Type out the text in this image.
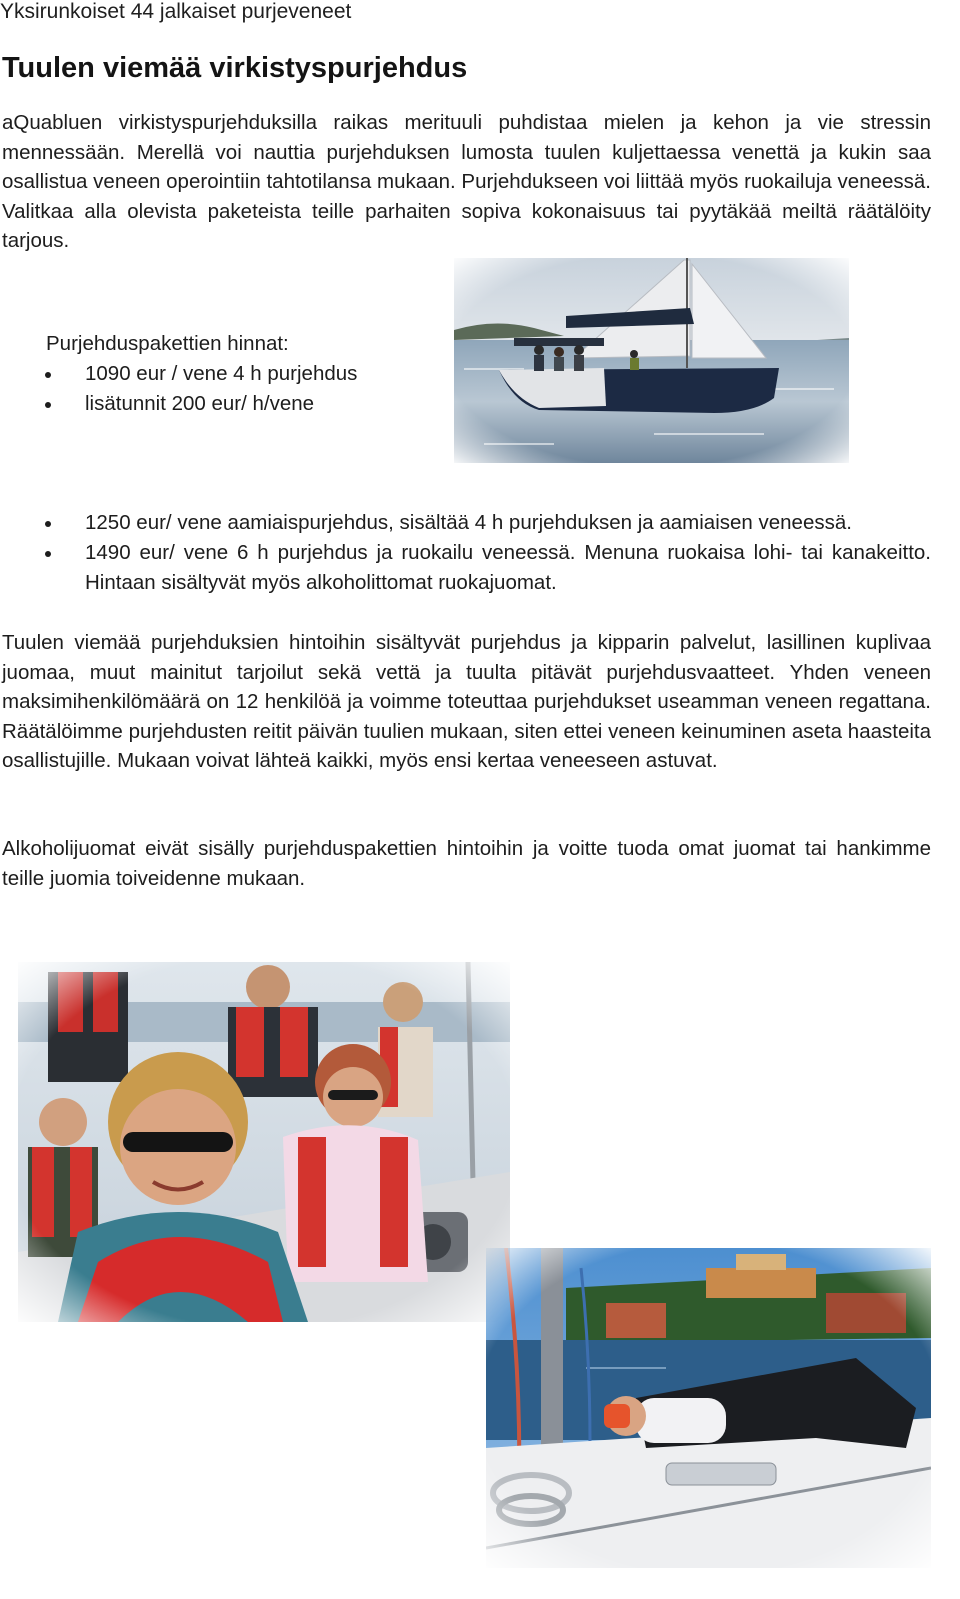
Yksirunkoiset 44 jalkaiset purjeveneet
Tuulen viemää virkistyspurjehdus

aQuabluen virkistyspurjehduksilla raikas merituuli puhdistaa mielen ja kehon ja vie stressin mennessään. Merellä voi nauttia purjehduksen lumosta tuulen kuljettaessa venettä ja kukin saa osallistua veneen operointiin tahtotilansa mukaan. Purjehdukseen voi liittää myös ruokailuja veneessä. Valitkaa alla olevista paketeista teille parhaiten sopiva kokonaisuus tai pyytäkää meiltä räätälöity tarjous.

Purjehduspakettien hinnat:
1090 eur / vene 4 h purjehdus
lisätunnit 200 eur/ h/vene
1250 eur/ vene aamiaispurjehdus, sisältää 4 h purjehduksen ja aamiaisen veneessä.
1490 eur/ vene 6 h purjehdus ja ruokailu veneessä. Menuna ruokaisa lohi- tai kanakeitto. Hintaan sisältyvät myös alkoholittomat ruokajuomat.

Tuulen viemää purjehduksien hintoihin sisältyvät purjehdus ja kipparin palvelut, lasillinen kuplivaa juomaa, muut mainitut tarjoilut sekä vettä ja tuulta pitävät purjehdusvaatteet. Yhden veneen maksimihenkilömäärä on 12 henkilöä ja voimme toteuttaa purjehdukset useamman veneen regattana. Räätälöimme purjehdusten reitit päivän tuulien mukaan, siten ettei veneen keinuminen aseta haasteita osallistujille. Mukaan voivat lähteä kaikki, myös ensi kertaa veneeseen astuvat.

Alkoholijuomat eivät sisälly purjehduspakettien hintoihin ja voitte tuoda omat juomat tai hankimme teille juomia toiveidenne mukaan.
